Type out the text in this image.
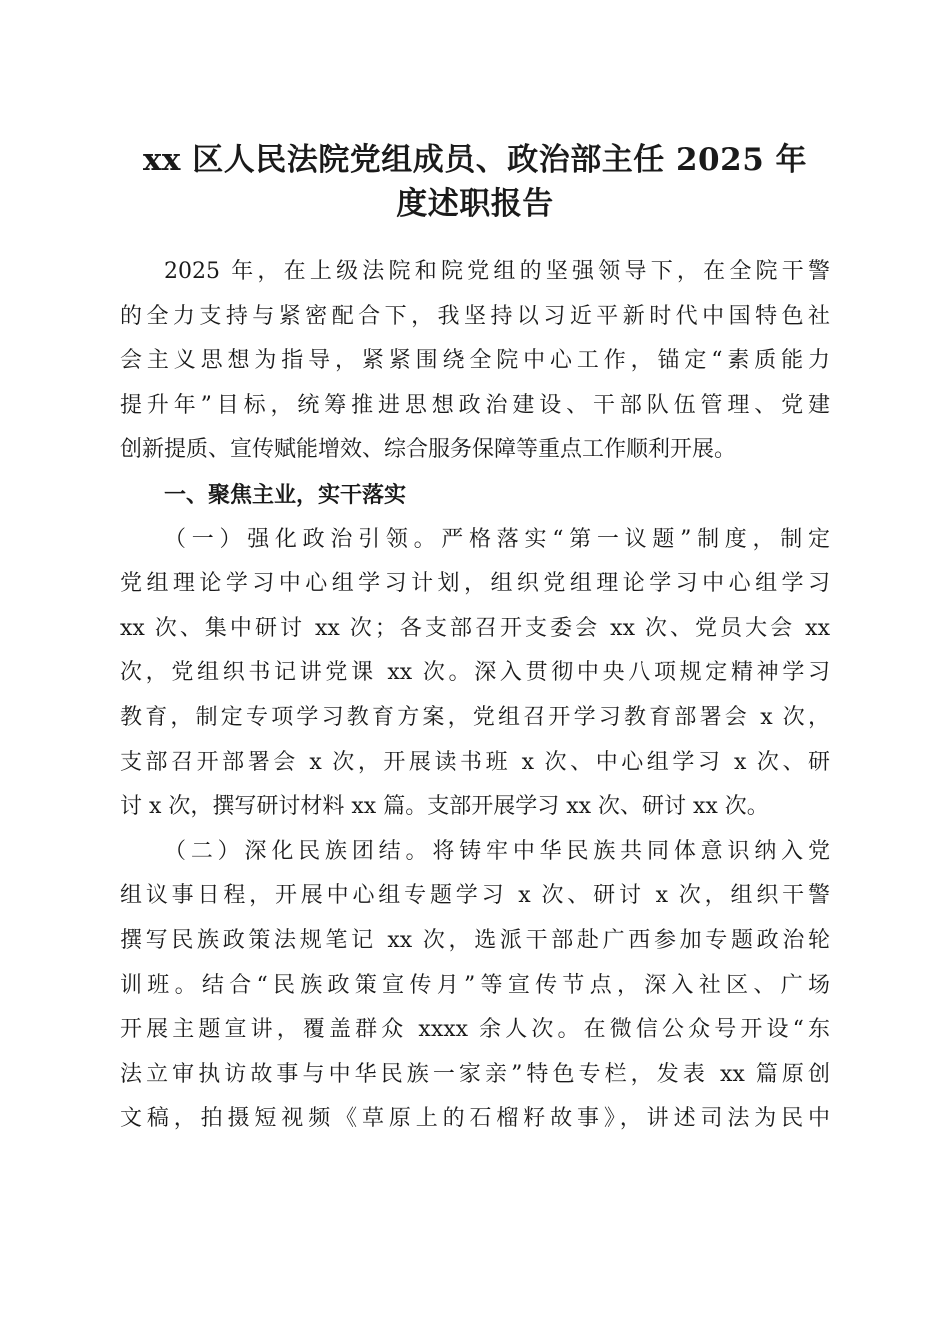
xx 区人民法院党组成员、政治部主任 2025 年
度述职报告
2025 年，在上级法院和院党组的坚强领导下，在全院干警
的全力支持与紧密配合下，我坚持以习近平新时代中国特色社
会主义思想为指导，紧紧围绕全院中心工作，锚定“素质能力
提升年”目标，统筹推进思想政治建设、干部队伍管理、党建
创新提质、宣传赋能增效、综合服务保障等重点工作顺利开展。
一、聚焦主业，实干落实
（一）强化政治引领。严格落实“第一议题”制度，制定
党组理论学习中心组学习计划，组织党组理论学习中心组学习
xx 次、集中研讨 xx 次；各支部召开支委会 xx 次、党员大会 xx
次，党组织书记讲党课 xx 次。深入贯彻中央八项规定精神学习
教育，制定专项学习教育方案，党组召开学习教育部署会 x 次，
支部召开部署会 x 次，开展读书班 x 次、中心组学习 x 次、研
讨 x 次，撰写研讨材料 xx 篇。支部开展学习 xx 次、研讨 xx 次。
（二）深化民族团结。将铸牢中华民族共同体意识纳入党
组议事日程，开展中心组专题学习 x 次、研讨 x 次，组织干警
撰写民族政策法规笔记 xx 次，选派干部赴广西参加专题政治轮
训班。结合“民族政策宣传月”等宣传节点，深入社区、广场
开展主题宣讲，覆盖群众 xxxx 余人次。在微信公众号开设“东
法立审执访故事与中华民族一家亲”特色专栏，发表 xx 篇原创
文稿，拍摄短视频《草原上的石榴籽故事》，讲述司法为民中
